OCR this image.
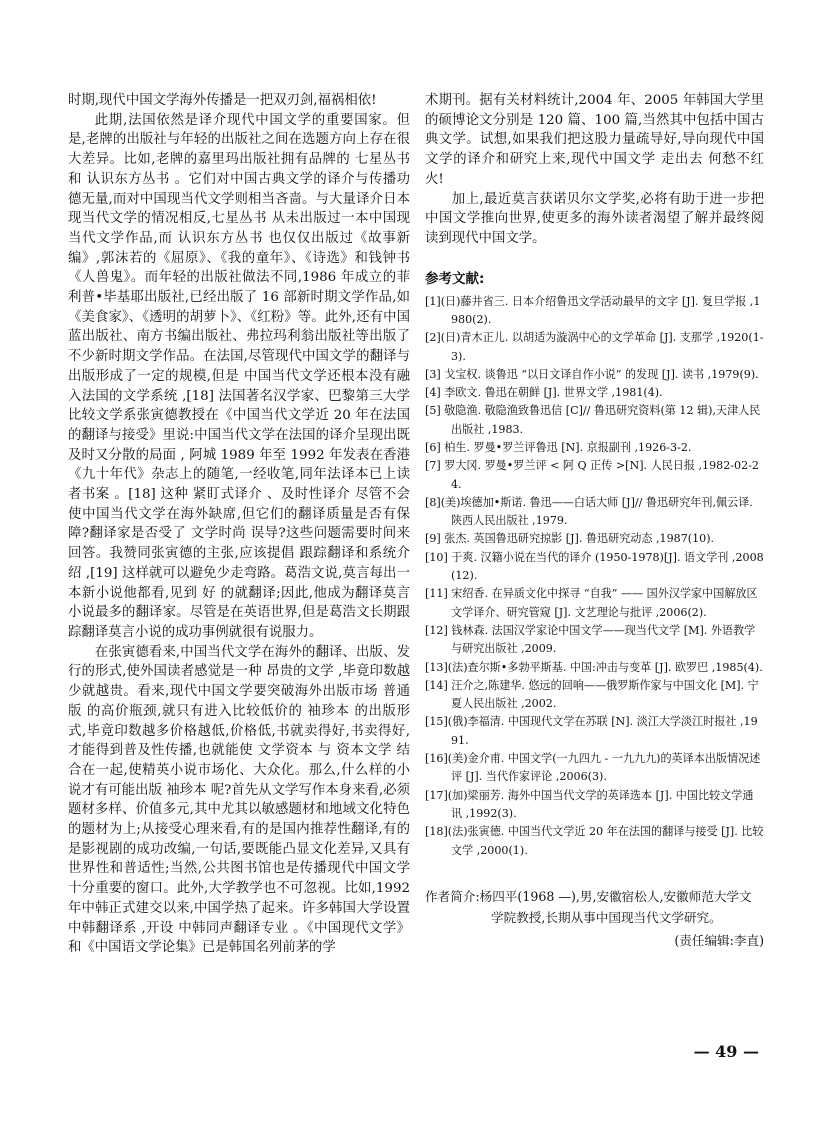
时期,现代中国文学海外传播是一把双刃剑,福祸相依!

此期,法国依然是译介现代中国文学的重要国家。但是,老牌的出版社与年轻的出版社之间在选题方向上存在很大差异。比如,老牌的嘉里玛出版社拥有品牌的 七星丛书 和 认识东方丛书 。它们对中国古典文学的译介与传播功德无量,而对中国现当代文学则相当吝啬。与大量译介日本现当代文学的情况相反,七星丛书 从未出版过一本中国现当代文学作品,而 认识东方丛书 也仅仅出版过《故事新编》,郭沫若的《屈原》、《我的童年》、《诗选》和钱钟书《人兽鬼》。而年轻的出版社做法不同,1986 年成立的菲利普•毕基耶出版社,已经出版了 16 部新时期文学作品,如《美食家》、《透明的胡萝卜》、《红粉》等。此外,还有中国蓝出版社、南方书编出版社、弗拉玛利翁出版社等出版了不少新时期文学作品。在法国,尽管现代中国文学的翻译与出版形成了一定的规模,但是 中国当代文学还根本没有融入法国的文学系统 ,[18] 法国著名汉学家、巴黎第三大学比较文学系张寅德教授在《中国当代文学近 20 年在法国的翻译与接受》里说:中国当代文学在法国的译介呈现出既及时又分散的局面 , 阿城 1989 年至 1992 年发表在香港《九十年代》杂志上的随笔,一经收笔,同年法译本已上读者书案 。[18] 这种 紧盯式译介 、及时性译介 尽管不会使中国当代文学在海外缺席,但它们的翻译质量是否有保障?翻译家是否受了 文学时尚 误导?这些问题需要时间来回答。我赞同张寅德的主张,应该提倡 跟踪翻译和系统介绍 ,[19] 这样就可以避免少走弯路。葛浩文说,莫言每出一本新小说他都看,见到 好 的就翻译;因此,他成为翻译莫言小说最多的翻译家。尽管是在英语世界,但是葛浩文长期跟踪翻译莫言小说的成功事例就很有说服力。

在张寅德看来,中国当代文学在海外的翻译、出版、发行的形式,使外国读者感觉是一种 昂贵的文学 ,毕竟印数越少就越贵。看来,现代中国文学要突破海外出版市场 普通版 的高价瓶颈,就只有进入比较低价的 袖珍本 的出版形式,毕竟印数越多价格越低,价格低,书就卖得好,书卖得好,才能得到普及性传播,也就能使 文学资本 与 资本文学 结合在一起,使精英小说市场化、大众化。那么,什么样的小说才有可能出版 袖珍本 呢?首先从文学写作本身来看,必须题材多样、价值多元,其中尤其以敏感题材和地域文化特色的题材为上;从接受心理来看,有的是国内推荐性翻译,有的是影视剧的成功改编,一句话,要既能凸显文化差异,又具有世界性和普适性;当然,公共图书馆也是传播现代中国文学十分重要的窗口。此外,大学教学也不可忽视。比如,1992 年中韩正式建交以来,中国学热了起来。许多韩国大学设置 中韩翻译系 ,开设 中韩同声翻译专业 。《中国现代文学》和《中国语文学论集》已是韩国名列前茅的学

术期刊。据有关材料统计,2004 年、2005 年韩国大学里的硕博论文分别是 120 篇、100 篇,当然其中包括中国古典文学。试想,如果我们把这股力量疏导好,导向现代中国文学的译介和研究上来,现代中国文学 走出去 何愁不红火!

加上,最近莫言获诺贝尔文学奖,必将有助于进一步把中国文学推向世界,使更多的海外读者渴望了解并最终阅读到现代中国文学。

参考文献:
[1](日)藤井省三. 日本介绍鲁迅文学活动最早的文字 [J]. 复旦学报 ,1980(2).
[2](日)青木正儿. 以胡适为漩涡中心的文学革命 [J]. 支那学 ,1920(1-3).
[3] 戈宝权. 谈鲁迅 “以日文译自作小说” 的发现 [J]. 读书 ,1979(9).
[4] 李欧文. 鲁迅在朝鲜 [J]. 世界文学 ,1981(4).
[5] 敬隐渔. 敬隐渔致鲁迅信 [C]// 鲁迅研究资料(第 12 辑),天津人民出版社 ,1983.
[6] 柏生. 罗曼•罗兰评鲁迅 [N]. 京报副刊 ,1926-3-2.
[7] 罗大冈. 罗曼•罗兰评 < 阿 Q 正传 >[N]. 人民日报 ,1982-02-24.
[8](美)埃德加•斯诺. 鲁迅——白话大师 [J]// 鲁迅研究年刊,佩云译. 陕西人民出版社 ,1979.
[9] 张杰. 英国鲁迅研究掠影 [J]. 鲁迅研究动态 ,1987(10).
[10] 于爽. 汉籍小说在当代的译介 (1950-1978)[J]. 语文学刊 ,2008(12).
[11] 宋绍香. 在异质文化中探寻 “自我” —— 国外汉学家中国解放区文学译介、研究管窥 [J]. 文艺理论与批评 ,2006(2).
[12] 钱林森. 法国汉学家论中国文学——现当代文学 [M]. 外语教学与研究出版社 ,2009.
[13](法)查尔斯•多勃平斯基. 中国:冲击与变革 [J]. 欧罗巴 ,1985(4).
[14] 汪介之,陈建华. 悠远的回响——俄罗斯作家与中国文化 [M]. 宁夏人民出版社 ,2002.
[15](俄)李福清. 中国现代文学在苏联 [N]. 淡江大学淡江时报社 ,1991.
[16](美)金介甫. 中国文学(一九四九 - 一九九九)的英译本出版情况述评 [J]. 当代作家评论 ,2006(3).
[17](加)梁丽芳. 海外中国当代文学的英译选本 [J]. 中国比较文学通讯 ,1992(3).
[18](法)张寅德. 中国当代文学近 20 年在法国的翻译与接受 [J]. 比较文学 ,2000(1).

作者简介:杨四平(1968 —),男,安徽宿松人,安徽师范大学文学院教授,长期从事中国现当代文学研究。

(责任编辑:李直)

— 49 —
